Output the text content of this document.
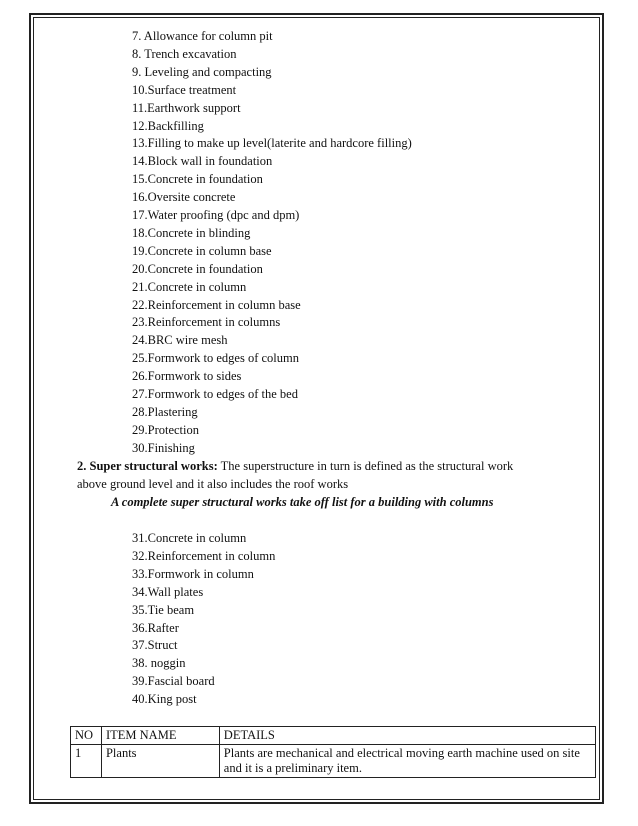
7. Allowance for column pit
8. Trench excavation
9. Leveling and compacting
10.Surface treatment
11.Earthwork support
12.Backfilling
13.Filling to make up level(laterite and hardcore filling)
14.Block wall in foundation
15.Concrete in foundation
16.Oversite concrete
17.Water proofing (dpc and dpm)
18.Concrete in blinding
19.Concrete in column base
20.Concrete in foundation
21.Concrete in column
22.Reinforcement in column base
23.Reinforcement in columns
24.BRC wire mesh
25.Formwork to edges of column
26.Formwork to sides
27.Formwork to edges of the bed
28.Plastering
29.Protection
30.Finishing
2. Super structural works: The superstructure in turn is defined as the structural work
above ground level and it also includes the roof works
A complete super structural works take off list for a building with columns
31.Concrete in column
32.Reinforcement in column
33.Formwork in column
34.Wall plates
35.Tie beam
36.Rafter
37.Struct
38. noggin
39.Fascial board
40.King post
NO	ITEM NAME	DETAILS
1	Plants	Plants are mechanical and electrical moving earth machine used on site and it is a preliminary item.
